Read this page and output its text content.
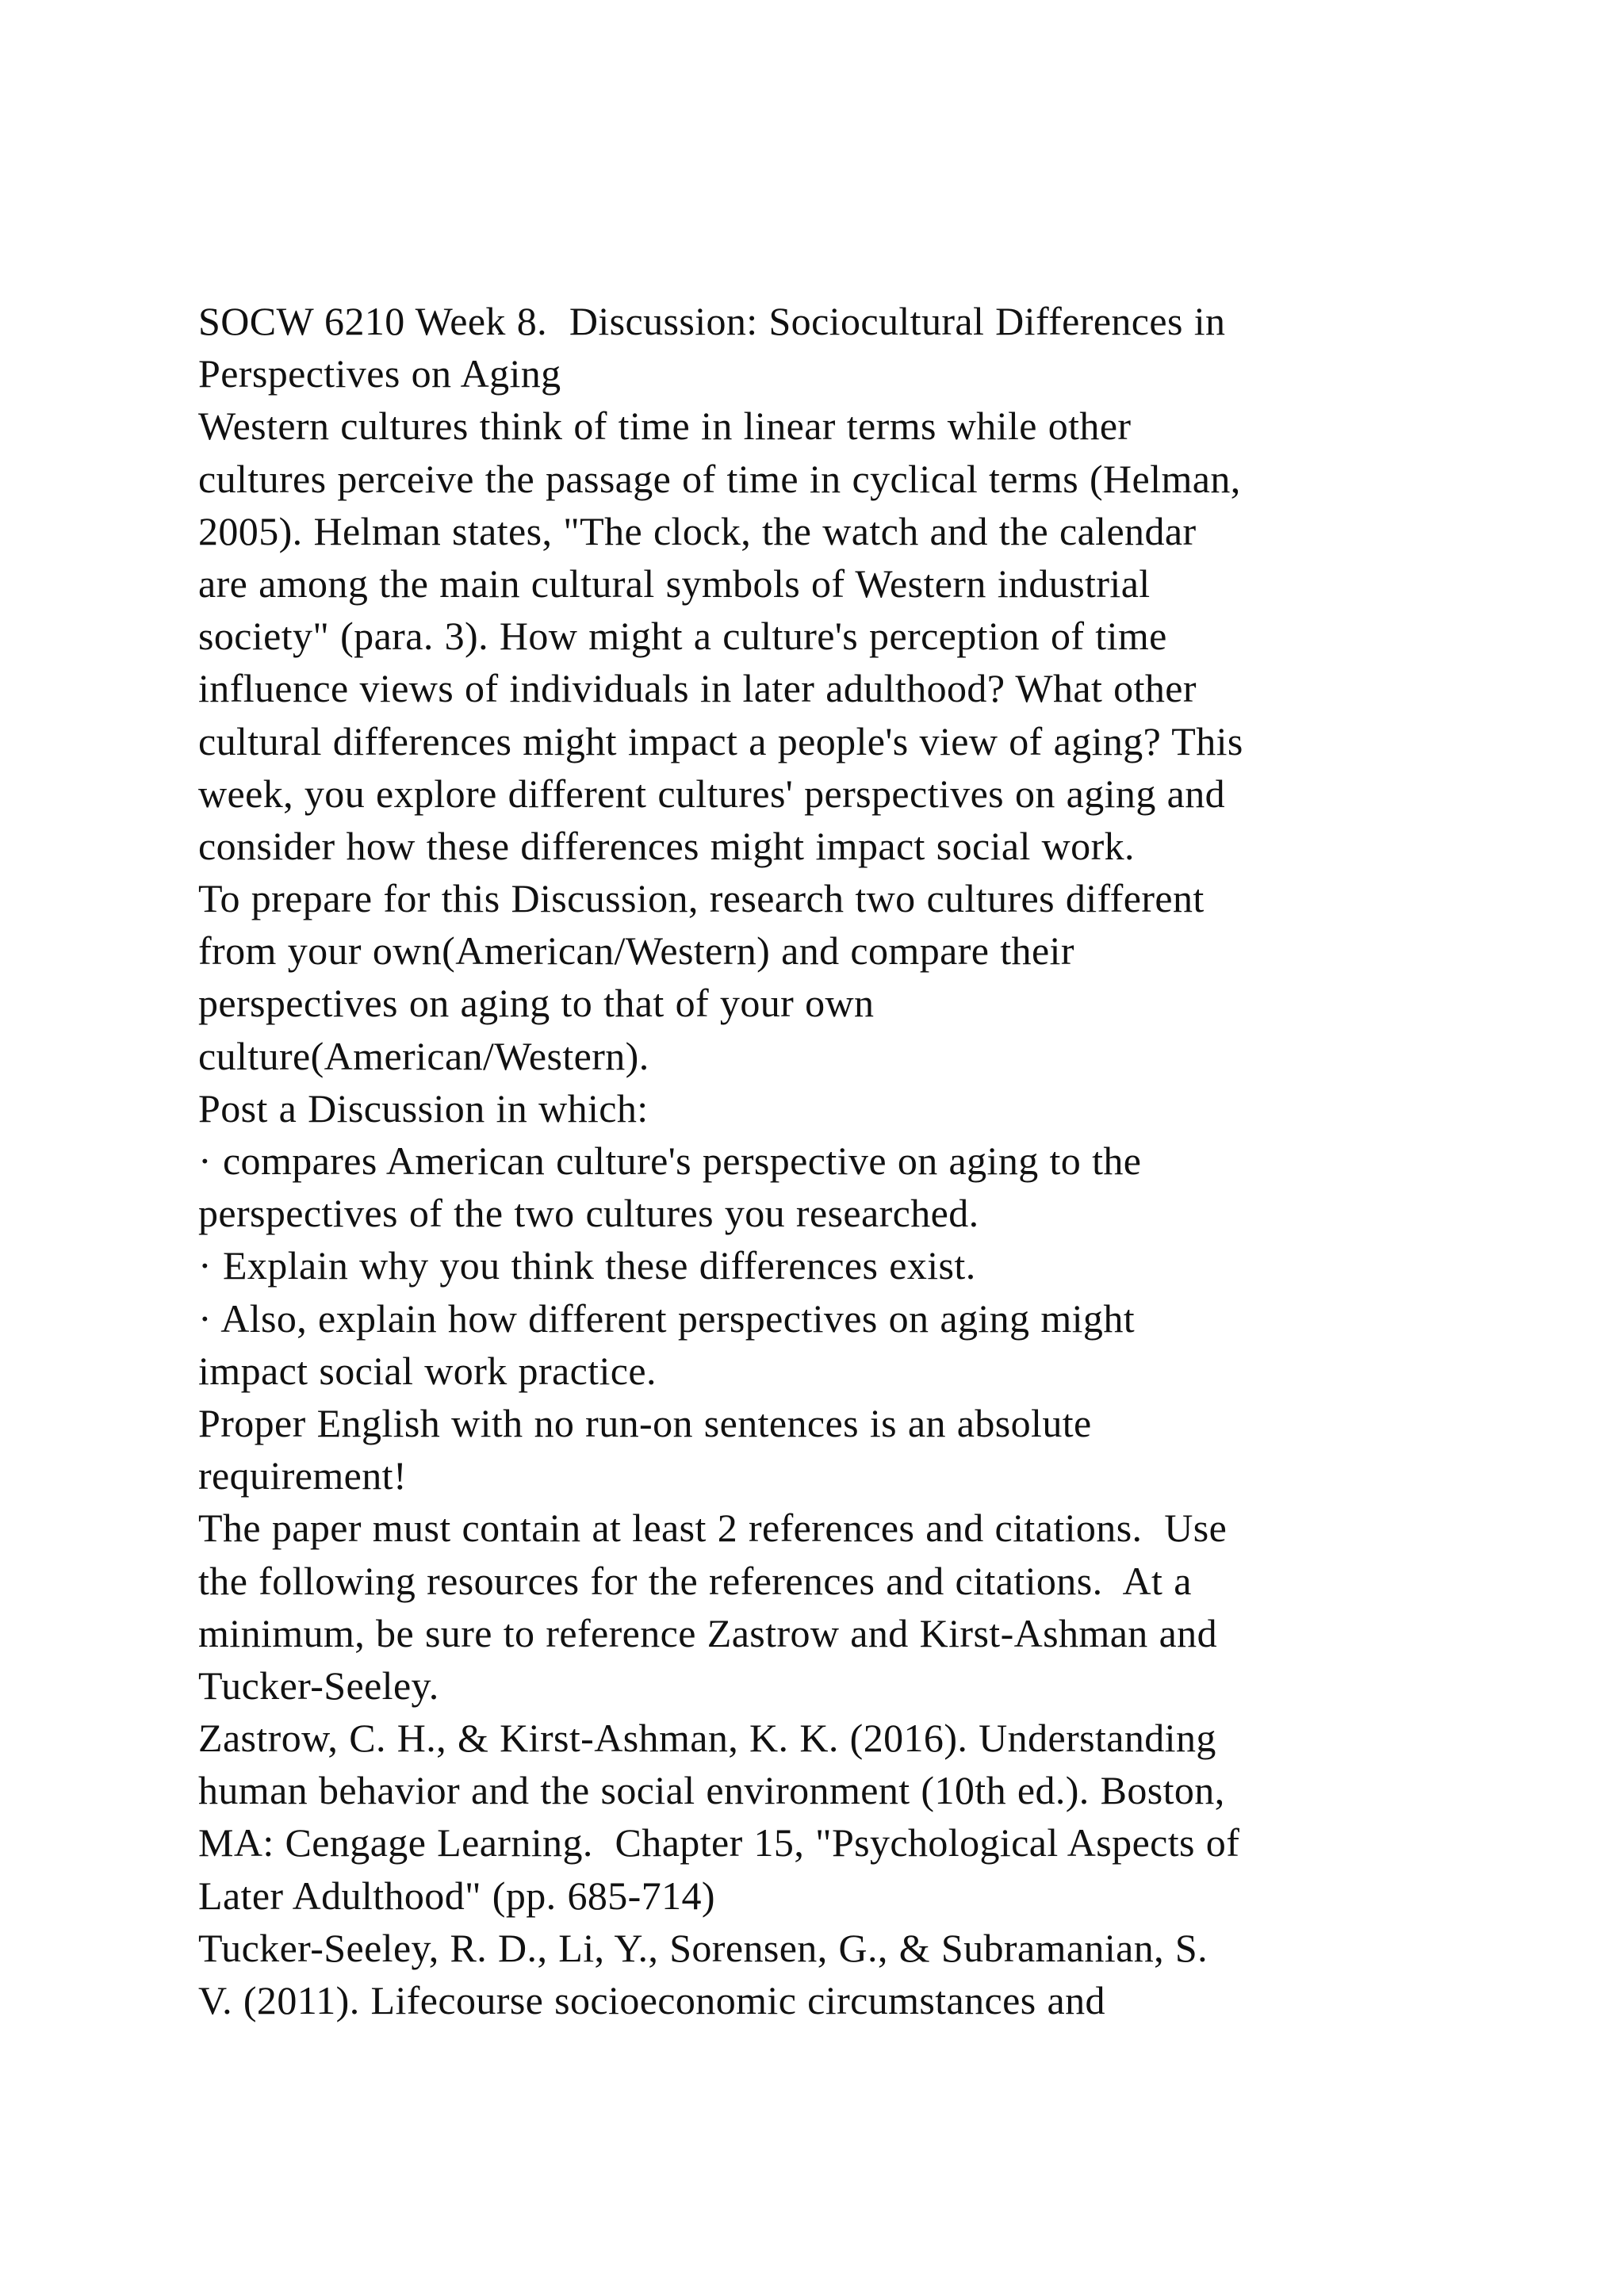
SOCW 6210 Week 8.  Discussion: Sociocultural Differences in
Perspectives on Aging
Western cultures think of time in linear terms while other
cultures perceive the passage of time in cyclical terms (Helman,
2005). Helman states, "The clock, the watch and the calendar
are among the main cultural symbols of Western industrial
society" (para. 3). How might a culture's perception of time
influence views of individuals in later adulthood? What other
cultural differences might impact a people's view of aging? This
week, you explore different cultures' perspectives on aging and
consider how these differences might impact social work.
To prepare for this Discussion, research two cultures different
from your own(American/Western) and compare their
perspectives on aging to that of your own
culture(American/Western).
Post a Discussion in which:
· compares American culture's perspective on aging to the
perspectives of the two cultures you researched.
· Explain why you think these differences exist.
· Also, explain how different perspectives on aging might
impact social work practice.
Proper English with no run-on sentences is an absolute
requirement!
The paper must contain at least 2 references and citations.  Use
the following resources for the references and citations.  At a
minimum, be sure to reference Zastrow and Kirst-Ashman and
Tucker-Seeley.
Zastrow, C. H., & Kirst-Ashman, K. K. (2016). Understanding
human behavior and the social environment (10th ed.). Boston,
MA: Cengage Learning.  Chapter 15, "Psychological Aspects of
Later Adulthood" (pp. 685-714)
Tucker-Seeley, R. D., Li, Y., Sorensen, G., & Subramanian, S.
V. (2011). Lifecourse socioeconomic circumstances and
